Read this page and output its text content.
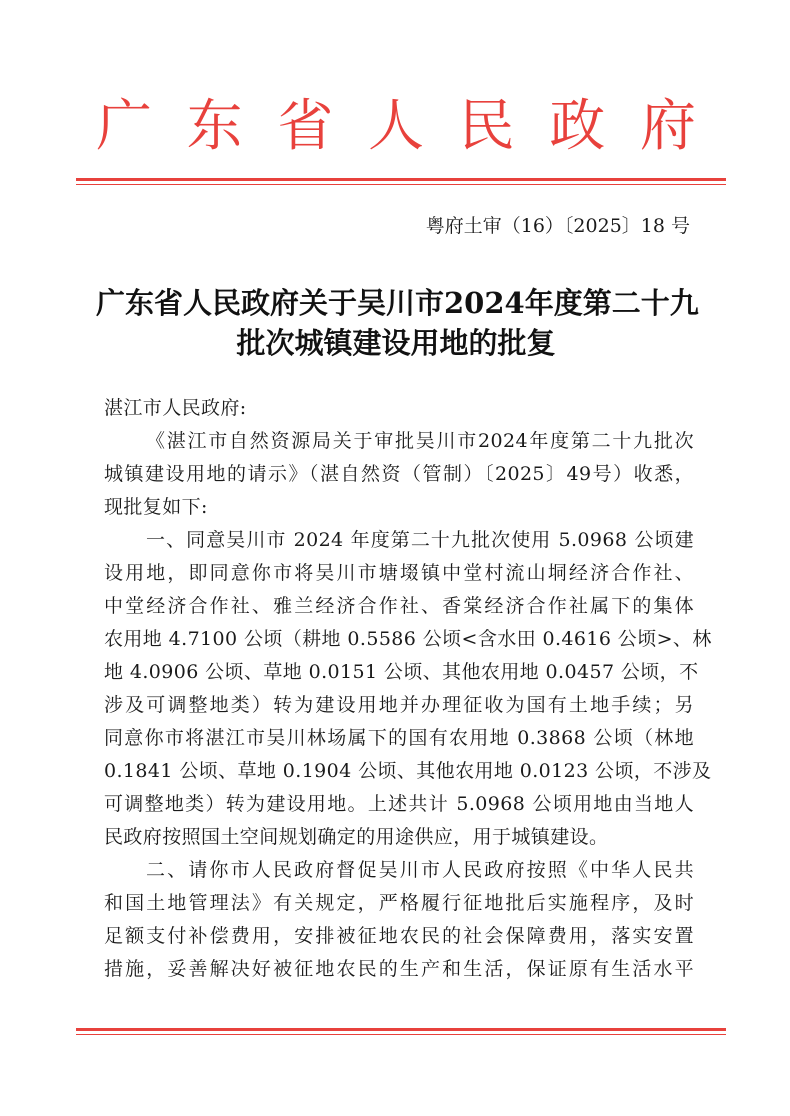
广 东 省 人 民 政 府
粤府土审（16）〔2025〕18 号
广东省人民政府关于吴川市2024年度第二十九
批次城镇建设用地的批复
湛江市人民政府:
《湛江市自然资源局关于审批吴川市2024年度第二十九批次
城镇建设用地的请示》（湛自然资（管制）〔2025〕49号）收悉，
现批复如下:
一、同意吴川市 2024 年度第二十九批次使用 5.0968 公顷建
设用地，即同意你市将吴川市塘㙍镇中堂村流山垌经济合作社、
中堂经济合作社、雅兰经济合作社、香棠经济合作社属下的集体
农用地 4.7100 公顷（耕地 0.5586 公顷<含水田 0.4616 公顷>、林
地 4.0906 公顷、草地 0.0151 公顷、其他农用地 0.0457 公顷，不
涉及可调整地类）转为建设用地并办理征收为国有土地手续；另
同意你市将湛江市吴川林场属下的国有农用地 0.3868 公顷（林地
0.1841 公顷、草地 0.1904 公顷、其他农用地 0.0123 公顷，不涉及
可调整地类）转为建设用地。上述共计 5.0968 公顷用地由当地人
民政府按照国土空间规划确定的用途供应，用于城镇建设。
二、请你市人民政府督促吴川市人民政府按照《中华人民共
和国土地管理法》有关规定，严格履行征地批后实施程序，及时
足额支付补偿费用，安排被征地农民的社会保障费用，落实安置
措施，妥善解决好被征地农民的生产和生活，保证原有生活水平
